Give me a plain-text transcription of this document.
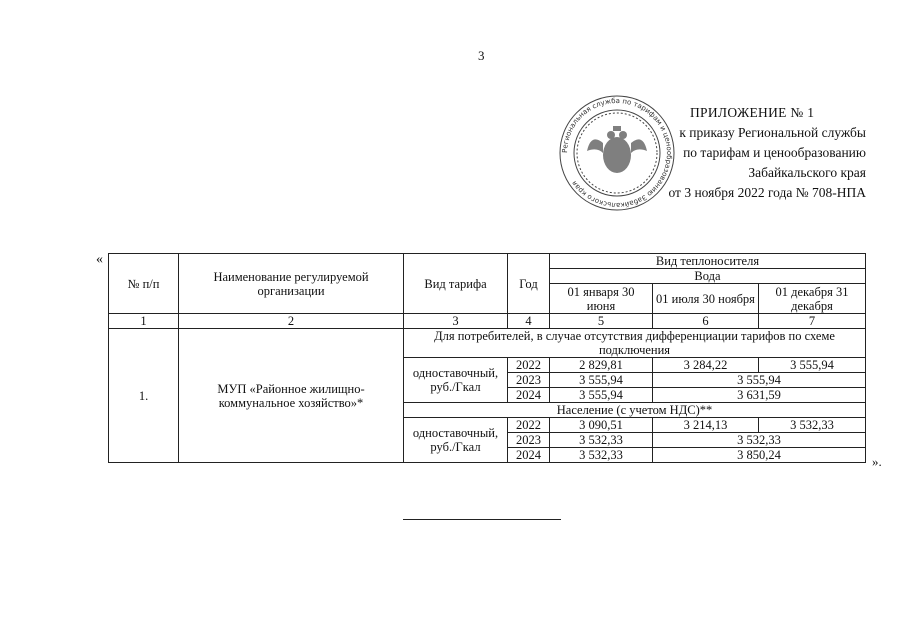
3
Региональная служба по тарифам и ценообразованию Забайкальского края
ПРИЛОЖЕНИЕ № 1
к приказу Региональной службы
по тарифам и ценообразованию
Забайкальского края
от 3 ноября 2022 года № 708-НПА
«
№ п/п	Наименование регулируемой организации	Вид тарифа	Год	Вид теплоносителя		
				Вода		
				01 января 30 июня	01 июля 30 ноября	01 декабря 31 декабря
1	2	3	4	5	6	7
1.	МУП «Районное жилищно-коммунальное хозяйство»*	Для потребителей, в случае отсутствия дифференциации тарифов по схеме подключения				
		одноставочный, руб./Гкал	2022	2 829,81	3 284,22	3 555,94
			2023	3 555,94	3 555,94	
			2024	3 555,94	3 631,59	
		Население (с учетом НДС)**				
		одноставочный, руб./Гкал	2022	3 090,51	3 214,13	3 532,33
			2023	3 532,33	3 532,33	
			2024	3 532,33	3 850,24		».
